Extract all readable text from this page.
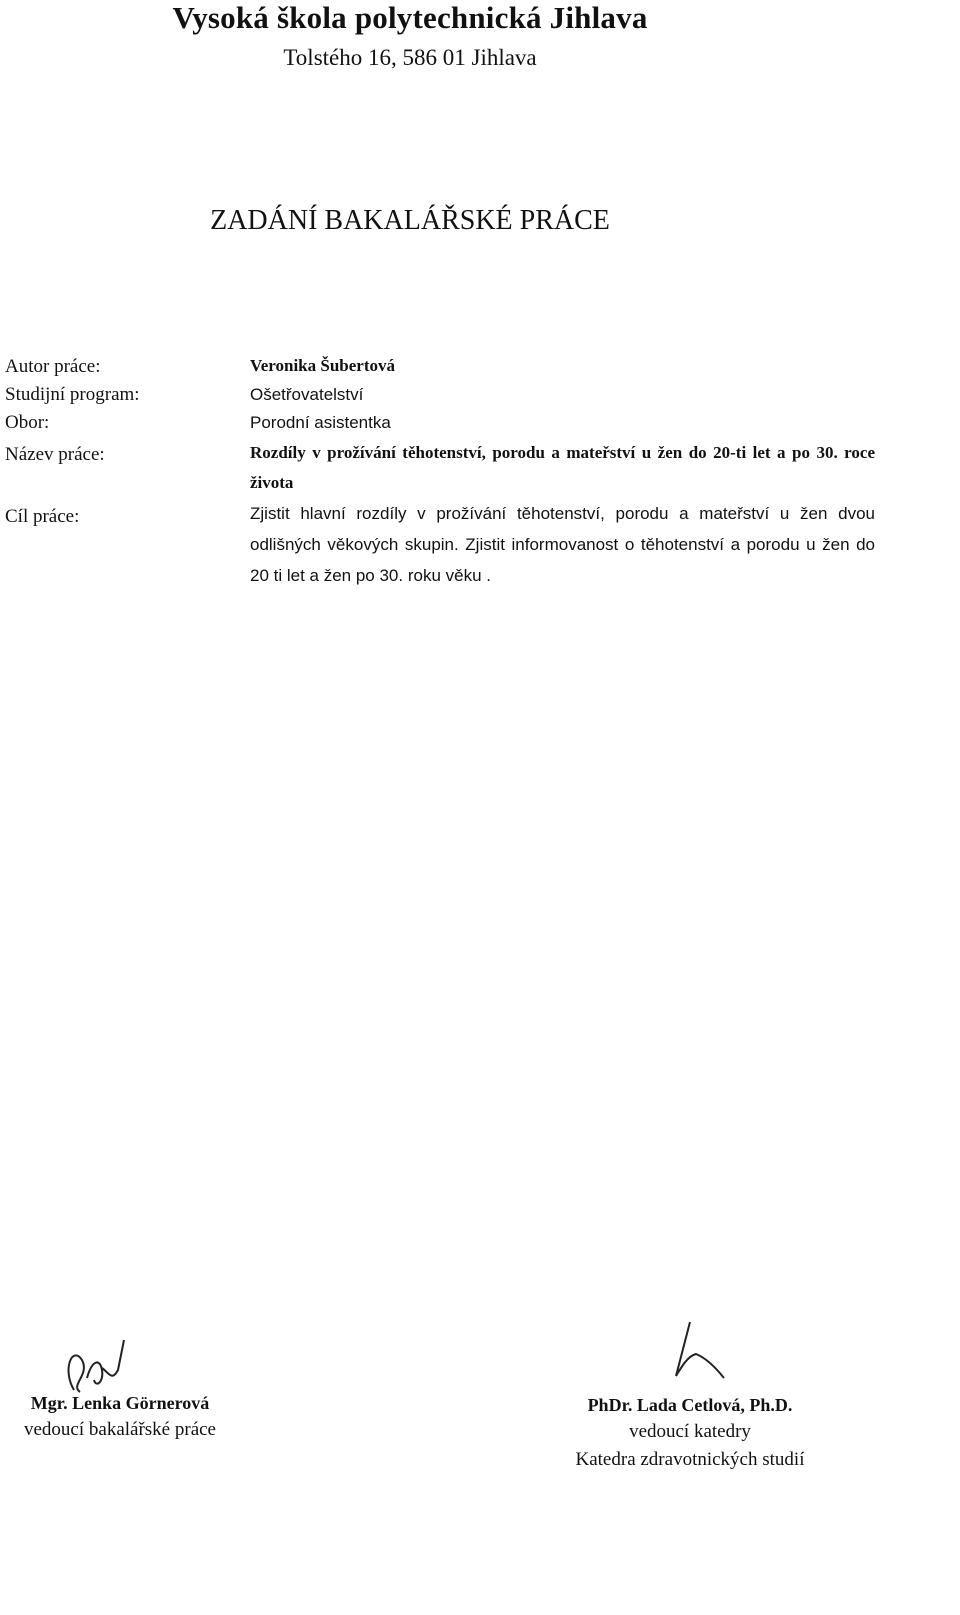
Vysoká škola polytechnická Jihlava
Tolstého 16, 586 01 Jihlava
ZADÁNÍ BAKALÁŘSKÉ PRÁCE
Autor práce:	Veronika Šubertová
Studijní program:	Ošetřovatelství
Obor:	Porodní asistentka
Název práce:	Rozdíly v prožívání těhotenství, porodu a mateřství u žen do 20-ti let a po 30. roce života
Cíl práce:	Zjistit hlavní rozdíly v prožívání těhotenství, porodu a mateřství u žen dvou odlišných věkových skupin. Zjistit informovanost o těhotenství a porodu u žen do 20 ti let a žen po 30. roku věku .
Mgr. Lenka Görnerová
vedoucí bakalářské práce
PhDr. Lada Cetlová, Ph.D.
vedoucí katedry
Katedra zdravotnických studií
